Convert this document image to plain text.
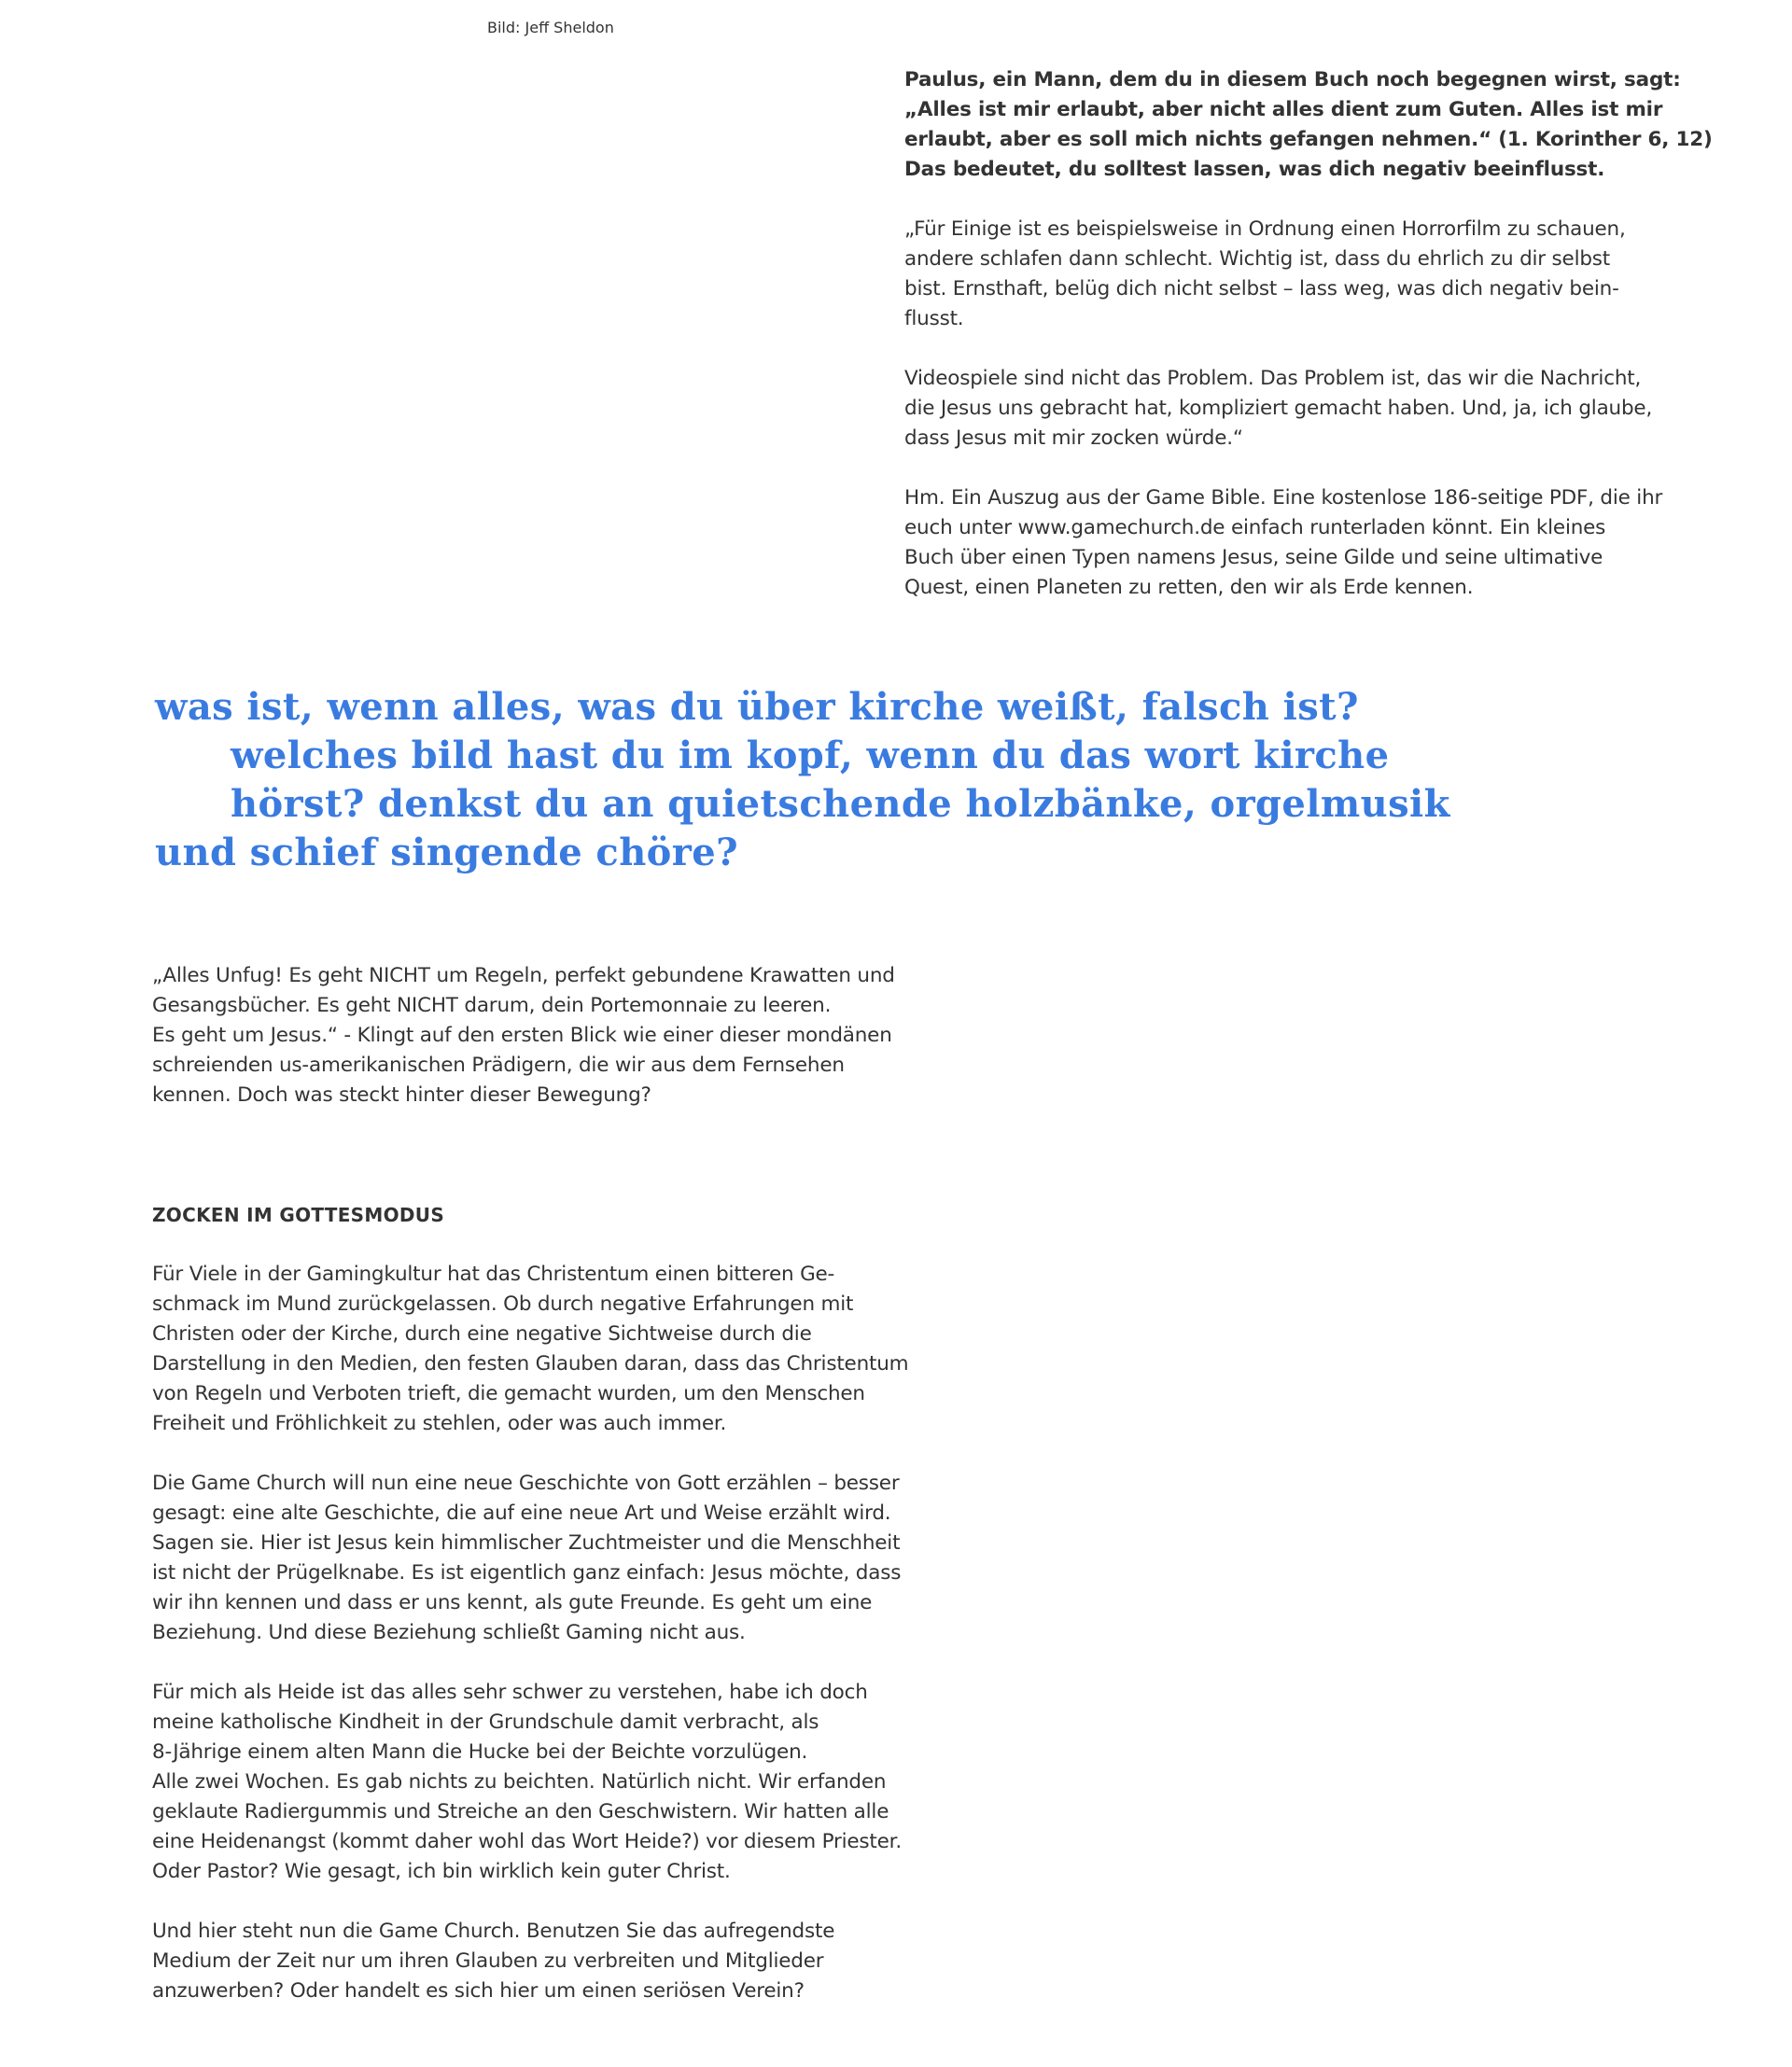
Bild: Jeff Sheldon

Paulus, ein Mann, dem du in diesem Buch noch begegnen wirst, sagt:
„Alles ist mir erlaubt, aber nicht alles dient zum Guten. Alles ist mir
erlaubt, aber es soll mich nichts gefangen nehmen.“ (1. Korinther 6, 12)
Das bedeutet, du solltest lassen, was dich negativ beeinflusst.

„Für Einige ist es beispielsweise in Ordnung einen Horrorfilm zu schauen,
andere schlafen dann schlecht. Wichtig ist, dass du ehrlich zu dir selbst
bist. Ernsthaft, belüg dich nicht selbst – lass weg, was dich negativ bein-
flusst.

Videospiele sind nicht das Problem. Das Problem ist, das wir die Nachricht,
die Jesus uns gebracht hat, kompliziert gemacht haben. Und, ja, ich glaube,
dass Jesus mit mir zocken würde.“

Hm. Ein Auszug aus der Game Bible. Eine kostenlose 186-seitige PDF, die ihr
euch unter www.gamechurch.de einfach runterladen könnt. Ein kleines
Buch über einen Typen namens Jesus, seine Gilde und seine ultimative
Quest, einen Planeten zu retten, den wir als Erde kennen.

was ist, wenn alles, was du über kirche weißt, falsch ist?
welches bild hast du im kopf, wenn du das wort kirche
hörst? denkst du an quietschende holzbänke, orgelmusik
und schief singende chöre?

„Alles Unfug! Es geht NICHT um Regeln, perfekt gebundene Krawatten und
Gesangsbücher. Es geht NICHT darum, dein Portemonnaie zu leeren.
Es geht um Jesus.“ - Klingt auf den ersten Blick wie einer dieser mondänen
schreienden us-amerikanischen Prädigern, die wir aus dem Fernsehen
kennen. Doch was steckt hinter dieser Bewegung?

ZOCKEN IM GOTTESMODUS

Für Viele in der Gamingkultur hat das Christentum einen bitteren Ge-
schmack im Mund zurückgelassen. Ob durch negative Erfahrungen mit
Christen oder der Kirche, durch eine negative Sichtweise durch die
Darstellung in den Medien, den festen Glauben daran, dass das Christentum
von Regeln und Verboten trieft, die gemacht wurden, um den Menschen
Freiheit und Fröhlichkeit zu stehlen, oder was auch immer.

Die Game Church will nun eine neue Geschichte von Gott erzählen – besser
gesagt: eine alte Geschichte, die auf eine neue Art und Weise erzählt wird.
Sagen sie. Hier ist Jesus kein himmlischer Zuchtmeister und die Menschheit
ist nicht der Prügelknabe. Es ist eigentlich ganz einfach: Jesus möchte, dass
wir ihn kennen und dass er uns kennt, als gute Freunde. Es geht um eine
Beziehung. Und diese Beziehung schließt Gaming nicht aus.

Für mich als Heide ist das alles sehr schwer zu verstehen, habe ich doch
meine katholische Kindheit in der Grundschule damit verbracht, als
8-Jährige einem alten Mann die Hucke bei der Beichte vorzulügen.
Alle zwei Wochen. Es gab nichts zu beichten. Natürlich nicht. Wir erfanden
geklaute Radiergummis und Streiche an den Geschwistern. Wir hatten alle
eine Heidenangst (kommt daher wohl das Wort Heide?) vor diesem Priester.
Oder Pastor? Wie gesagt, ich bin wirklich kein guter Christ.

Und hier steht nun die Game Church. Benutzen Sie das aufregendste
Medium der Zeit nur um ihren Glauben zu verbreiten und Mitglieder
anzuwerben? Oder handelt es sich hier um einen seriösen Verein?
